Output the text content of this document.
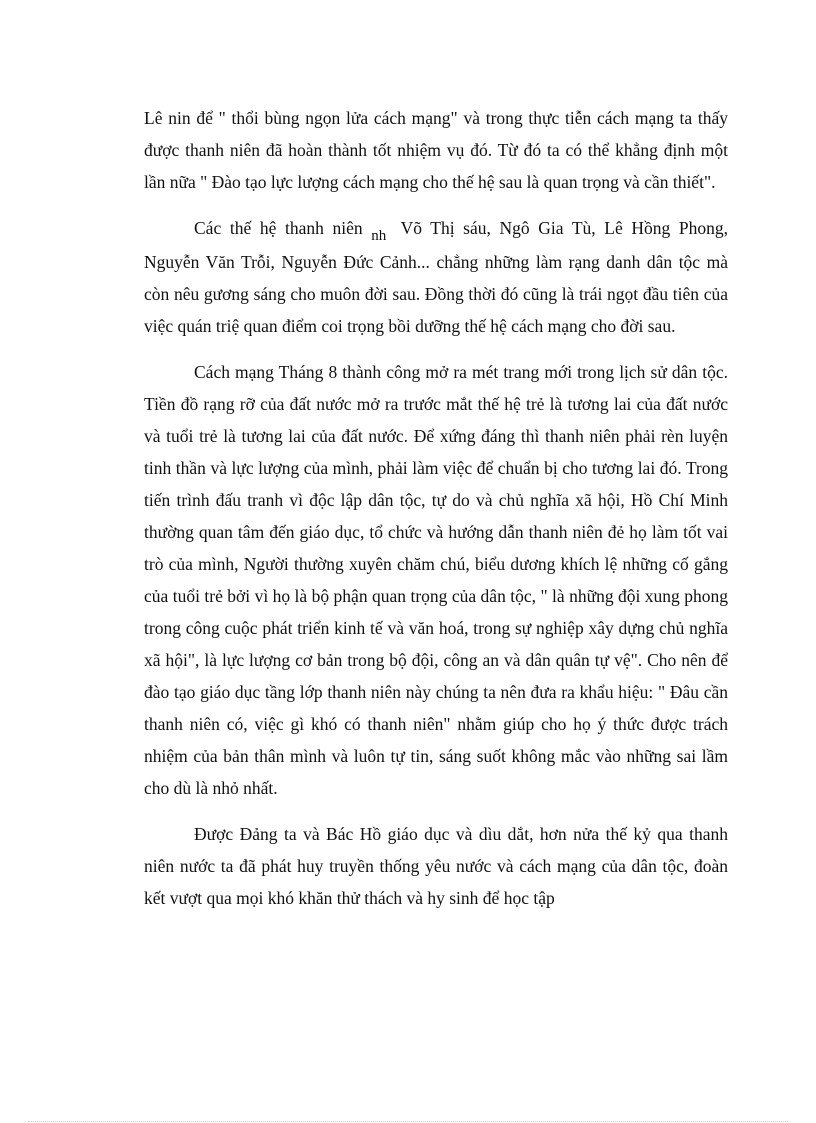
Lê nin để " thổi bùng ngọn lửa cách mạng" và trong thực tiễn cách mạng ta thấy được thanh niên đã hoàn thành tốt nhiệm vụ đó. Từ đó ta có thể khẳng định một lần nữa " Đào tạo lực lượng cách mạng cho thế hệ sau là quan trọng và cần thiết".

Các thế hệ thanh niên nh Võ Thị sáu, Ngô Gia Tù, Lê Hồng Phong, Nguyễn Văn Trỗi, Nguyễn Đức Cảnh... chẳng những làm rạng danh dân tộc mà còn nêu gương sáng cho muôn đời sau. Đồng thời đó cũng là trái ngọt đầu tiên của việc quán triệ quan điểm coi trọng bồi dưỡng thế hệ cách mạng cho đời sau.

Cách mạng Tháng 8 thành công mở ra mét trang mới trong lịch sử dân tộc. Tiền đồ rạng rỡ của đất nước mở ra trước mắt thế hệ trẻ là tương lai của đất nước và tuổi trẻ là tương lai của đất nước. Để xứng đáng thì thanh niên phải rèn luyện tinh thần và lực lượng của mình, phải làm việc để chuẩn bị cho tương lai đó. Trong tiến trình đấu tranh vì độc lập dân tộc, tự do và chủ nghĩa xã hội, Hồ Chí Minh thường quan tâm đến giáo dục, tổ chức và hướng dẫn thanh niên đẻ họ làm tốt vai trò của mình, Người thường xuyên chăm chú, biểu dương khích lệ những cố gắng của tuổi trẻ bởi vì họ là bộ phận quan trọng của dân tộc, " là những đội xung phong trong công cuộc phát triển kinh tế và văn hoá, trong sự nghiệp xây dựng chủ nghĩa xã hội", là lực lượng cơ bản trong bộ đội, công an và dân quân tự vệ". Cho nên để đào tạo giáo dục tầng lớp thanh niên này chúng ta nên đưa ra khẩu hiệu: " Đâu cần thanh niên có, việc gì khó có thanh niên" nhằm giúp cho họ ý thức được trách nhiệm của bản thân mình và luôn tự tin, sáng suốt không mắc vào những sai lầm cho dù là nhỏ nhất.

Được Đảng ta và Bác Hồ giáo dục và dìu dắt, hơn nửa thế kỷ qua thanh niên nước ta đã phát huy truyền thống yêu nước và cách mạng của dân tộc, đoàn kết vượt qua mọi khó khăn thử thách và hy sinh để học tập
